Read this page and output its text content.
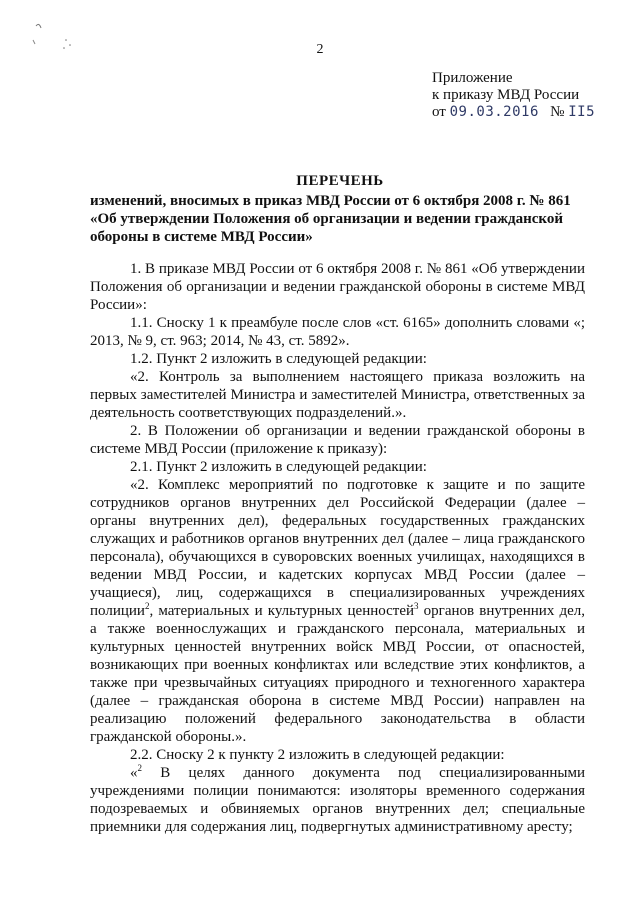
2
Приложение
к приказу МВД России
от 09.03.2016 № II5
ПЕРЕЧЕНЬ
изменений, вносимых в приказ МВД России от 6 октября 2008 г. № 861
«Об утверждении Положения об организации и ведении гражданской
обороны в системе МВД России»

1. В приказе МВД России от 6 октября 2008 г. № 861 «Об утверждении Положения об организации и ведении гражданской обороны в системе МВД России»:

1.1. Сноску 1 к преамбуле после слов «ст. 6165» дополнить словами «; 2013, № 9, ст. 963; 2014, № 43, ст. 5892».

1.2. Пункт 2 изложить в следующей редакции:

«2. Контроль за выполнением настоящего приказа возложить на первых заместителей Министра и заместителей Министра, ответственных за деятельность соответствующих подразделений.».

2. В Положении об организации и ведении гражданской обороны в системе МВД России (приложение к приказу):

2.1. Пункт 2 изложить в следующей редакции:

«2. Комплекс мероприятий по подготовке к защите и по защите сотрудников органов внутренних дел Российской Федерации (далее – органы внутренних дел), федеральных государственных гражданских служащих и работников органов внутренних дел (далее – лица гражданского персонала), обучающихся в суворовских военных училищах, находящихся в ведении МВД России, и кадетских корпусах МВД России (далее – учащиеся), лиц, содержащихся в специализированных учреждениях полиции$^2$, материальных и культурных ценностей$^3$ органов внутренних дел, а также военнослужащих и гражданского персонала, материальных и культурных ценностей внутренних войск МВД России, от опасностей, возникающих при военных конфликтах или вследствие этих конфликтов, а также при чрезвычайных ситуациях природного и техногенного характера (далее – гражданская оборона в системе МВД России) направлен на реализацию положений федерального законодательства в области гражданской обороны.».

2.2. Сноску 2 к пункту 2 изложить в следующей редакции:

«$^2$ В целях данного документа под специализированными учреждениями полиции понимаются: изоляторы временного содержания подозреваемых и обвиняемых органов внутренних дел; специальные приемники для содержания лиц, подвергнутых административному аресту;
